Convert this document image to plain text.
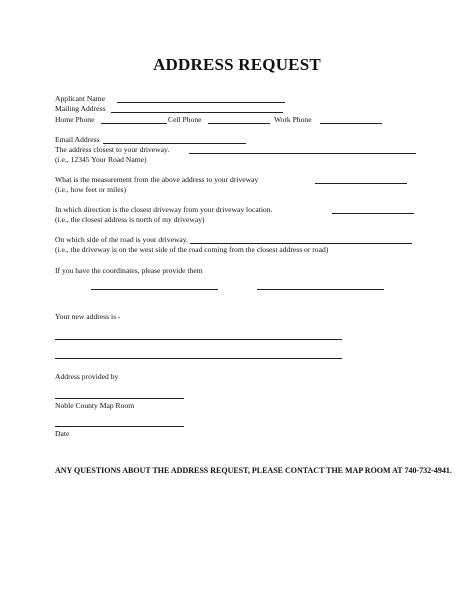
ADDRESS REQUEST
Applicant Name
Mailing Address
Home Phone	Cell Phone	Work Phone
Email Address
The address closest to your driveway.
(i.e., 12345 Your Road Name)
What is the measurement from the above address to your driveway
(i.e., how feet or miles)
In which direction is the closest driveway from your driveway location.
(i.e., the closest address is north of my driveway)
On which side of the road is your driveway.
(i.e., the driveway is on the west side of the road coming from the closest address or road)
If you have the coordinates, please provide them
Your new address is -
Address provided by
Noble County Map Room
Date
ANY QUESTIONS ABOUT THE ADDRESS REQUEST, PLEASE CONTACT THE MAP ROOM AT 740-732-4941.
